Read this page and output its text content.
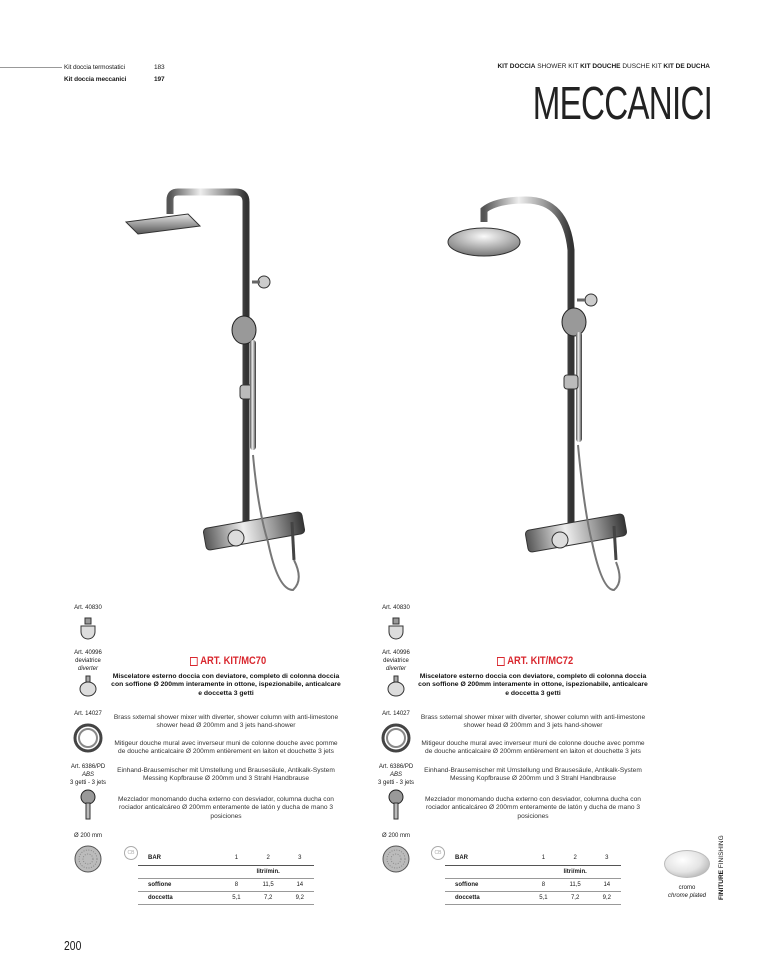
Kit doccia termostatici	183
Kit doccia meccanici	197
KIT DOCCIA SHOWER KIT KIT DOUCHE DUSCHE KIT KIT DE DUCHA
MECCANICI
Art. 40830
Art. 40996
deviatrice
diverter
Art. 14027
Art. 6386/PD
ABS
3 getti - 3 jets
Ø 200 mm
Art. 40830
Art. 40996
deviatrice
diverter
Art. 14027
Art. 6386/PD
ABS
3 getti - 3 jets
Ø 200 mm
ART. KIT/MC70
Miscelatore esterno doccia con deviatore, completo di colonna doccia con soffione Ø 200mm interamente in ottone, ispezionabile, anticalcare e doccetta 3 getti
Brass sxternal shower mixer with diverter, shower column with anti-limestone shower head Ø 200mm and 3 jets hand-shower
Mitigeur douche mural avec inverseur muni de colonne douche avec pomme de douche anticalcaire Ø 200mm entièrement en laiton et douchette 3 jets
Einhand-Brausemischer mit Umstellung und Brausesäule, Antikalk-System Messing Kopfbrause Ø 200mm und 3 Strahl Handbrause
Mezclador monomando ducha externo con desviador, columna ducha con rociador anticalcáreo Ø 200mm enteramente de latón y ducha de mano 3 posiciones
ART. KIT/MC72
Miscelatore esterno doccia con deviatore, completo di colonna doccia con soffione Ø 200mm interamente in ottone, ispezionabile, anticalcare e doccetta 3 getti
Brass sxternal shower mixer with diverter, shower column with anti-limestone shower head Ø 200mm and 3 jets hand-shower
Mitigeur douche mural avec inverseur muni de colonne douche avec pomme de douche anticalcaire Ø 200mm entièrement en laiton et douchette 3 jets
Einhand-Brausemischer mit Umstellung und Brausesäule, Antikalk-System Messing Kopfbrause Ø 200mm und 3 Strahl Handbrause
Mezclador monomando ducha externo con desviador, columna ducha con rociador anticalcáreo Ø 200mm enteramente de latón y ducha de mano 3 posiciones
CB
BAR	1	2	3
	litri/min.		
soffione	8	11,5	14
doccetta	5,1	7,2	9,2
CB
BAR	1	2	3
	litri/min.		
soffione	8	11,5	14
doccetta	5,1	7,2	9,2
cromo
chrome plated	FINITURE FINISHING
200
